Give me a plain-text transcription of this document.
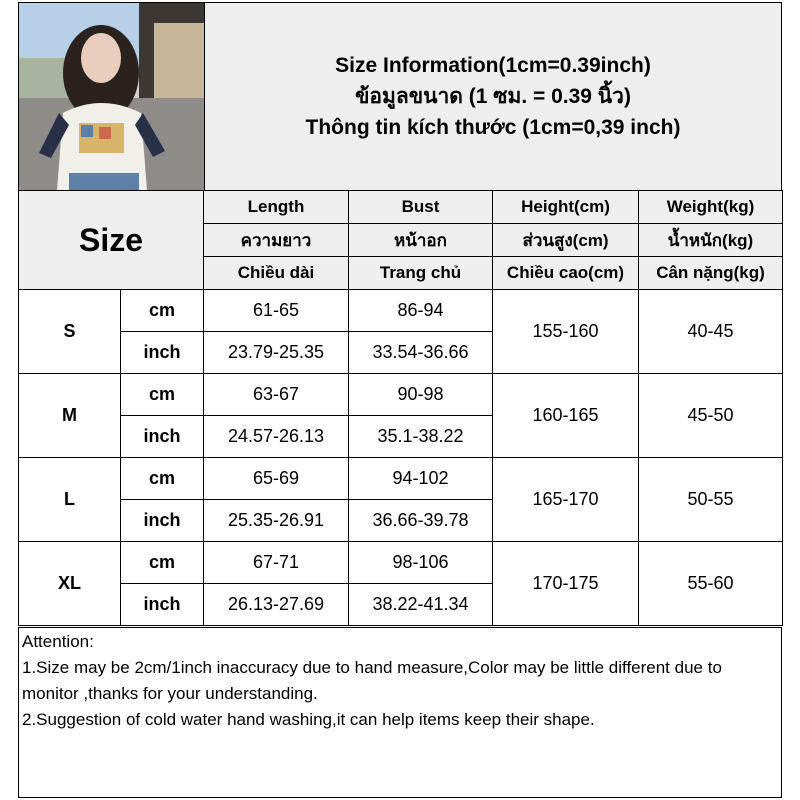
Size Information(1cm=0.39inch)
ข้อมูลขนาด (1 ซม. = 0.39 นิ้ว)
Thông tin kích thước (1cm=0,39 inch)
Size		Length	Bust	Height(cm)	Weight(kg)
		ความยาว	หน้าอก	ส่วนสูง(cm)	น้ำหนัก(kg)
		Chiều dài	Trang chủ	Chiều cao(cm)	Cân nặng(kg)
S	cm	61-65	86-94	155-160	40-45
	inch	23.79-25.35	33.54-36.66		
M	cm	63-67	90-98	160-165	45-50
	inch	24.57-26.13	35.1-38.22		
L	cm	65-69	94-102	165-170	50-55
	inch	25.35-26.91	36.66-39.78		
XL	cm	67-71	98-106	170-175	55-60
	inch	26.13-27.69	38.22-41.34		
Attention:
1.Size may be 2cm/1inch inaccuracy due to hand measure,Color may be little different due to monitor ,thanks for your understanding.
2.Suggestion of cold water hand washing,it can help items keep their shape.
